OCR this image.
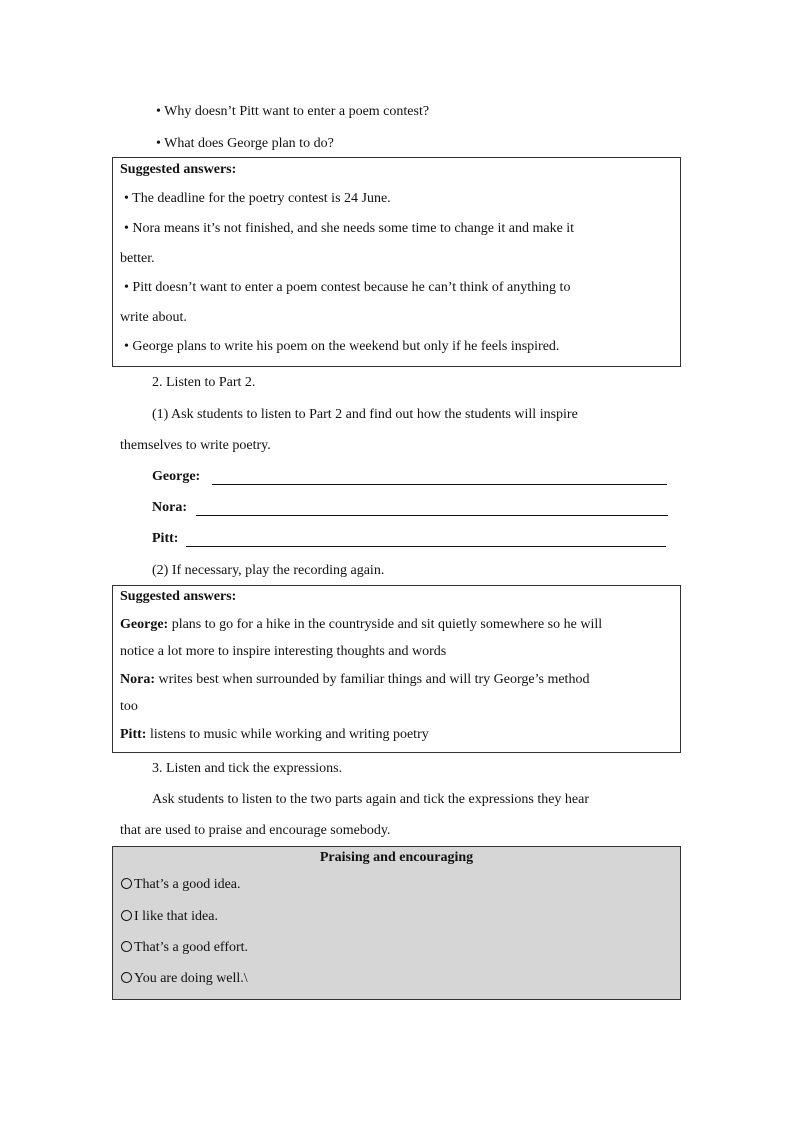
• Why doesn’t Pitt want to enter a poem contest?
• What does George plan to do?
Suggested answers:
• The deadline for the poetry contest is 24 June.
• Nora means it’s not finished, and she needs some time to change it and make it
better.
• Pitt doesn’t want to enter a poem contest because he can’t think of anything to
write about.
• George plans to write his poem on the weekend but only if he feels inspired.
2. Listen to Part 2.
(1) Ask students to listen to Part 2 and find out how the students will inspire
themselves to write poetry.
George:
Nora:
Pitt:
(2) If necessary, play the recording again.
Suggested answers:
George: plans to go for a hike in the countryside and sit quietly somewhere so he will
notice a lot more to inspire interesting thoughts and words
Nora: writes best when surrounded by familiar things and will try George’s method
too
Pitt: listens to music while working and writing poetry
3. Listen and tick the expressions.
Ask students to listen to the two parts again and tick the expressions they hear
that are used to praise and encourage somebody.
Praising and encouraging
That’s a good idea.
I like that idea.
That’s a good effort.
You are doing well.\
